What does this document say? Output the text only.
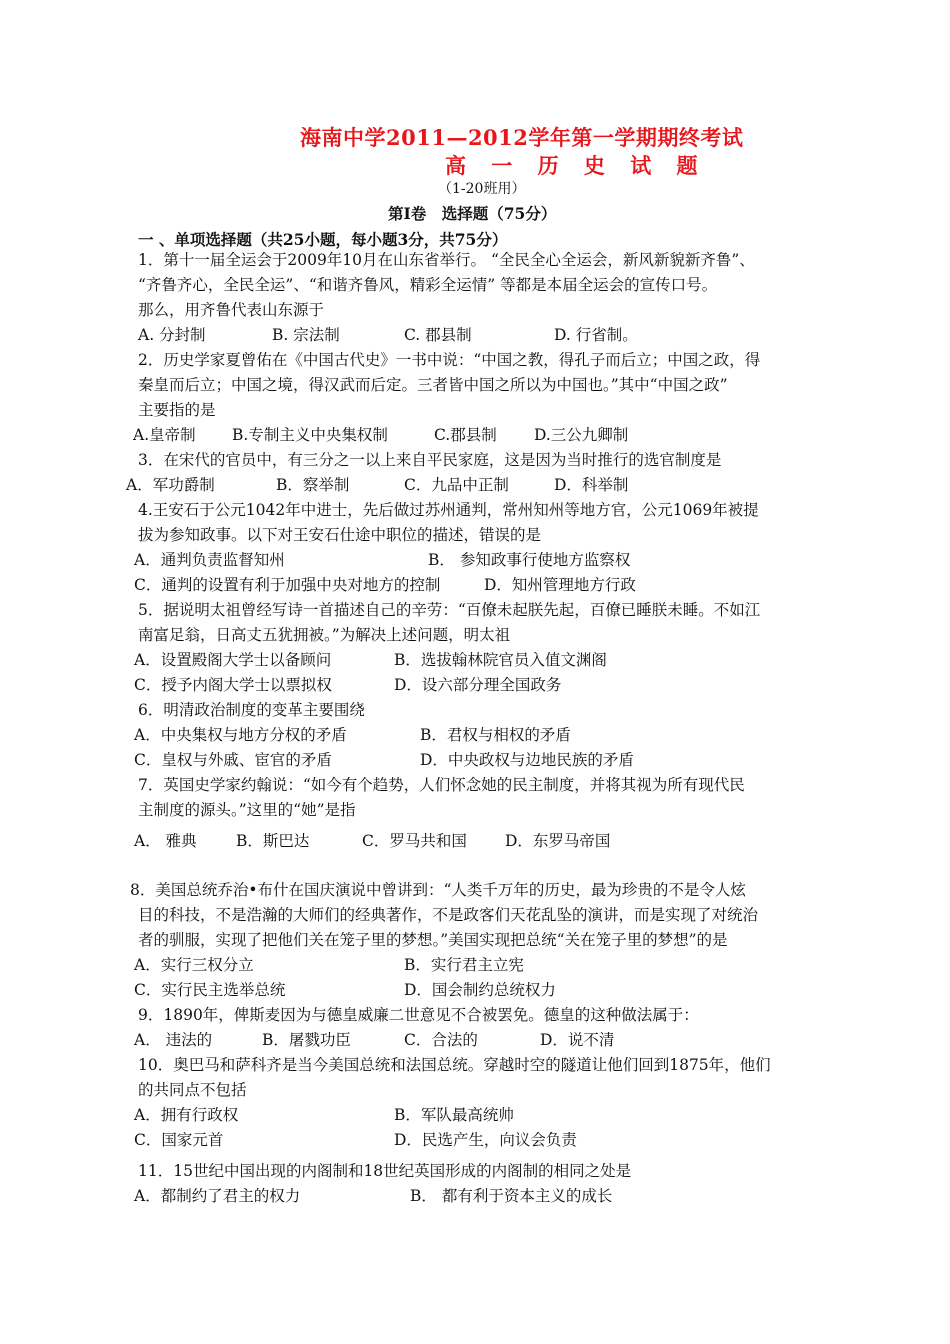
海南中学2011—2012学年第一学期期终考试
高 一 历 史 试 题
（1-20班用）
第Ⅰ卷　选择题（75分）
一 、单项选择题（共25小题，每小题3分，共75分）
1．第十一届全运会于2009年10月在山东省举行。 “全民全心全运会，新风新貌新齐鲁”、
“齐鲁齐心，全民全运”、“和谐齐鲁风，精彩全运情” 等都是本届全运会的宣传口号。
那么，用齐鲁代表山东源于
A. 分封制	B. 宗法制	C. 郡县制	D. 行省制。
2．历史学家夏曾佑在《中国古代史》一书中说：“中国之教，得孔子而后立；中国之政，得
秦皇而后立；中国之境，得汉武而后定。三者皆中国之所以为中国也。”其中“中国之政”
主要指的是
A.皇帝制 B.专制主义中央集权制	C.郡县制 D.三公九卿制
3．在宋代的官员中，有三分之一以上来自平民家庭，这是因为当时推行的选官制度是
A．军功爵制	B．察举制	C．九品中正制	D．科举制
4.王安石于公元1042年中进士，先后做过苏州通判，常州知州等地方官，公元1069年被提
拔为参知政事。以下对王安石仕途中职位的描述，错误的是
A．通判负责监督知州	B． 参知政事行使地方监察权
C．通判的设置有利于加强中央对地方的控制	D．知州管理地方行政
5．据说明太祖曾经写诗一首描述自己的辛劳：“百僚未起朕先起，百僚已睡朕未睡。不如江
南富足翁，日高丈五犹拥被。”为解决上述问题，明太祖
A．设置殿阁大学士以备顾问	B．选拔翰林院官员入值文渊阁
C．授予内阁大学士以票拟权	D．设六部分理全国政务
6．明清政治制度的变革主要围绕
A．中央集权与地方分权的矛盾	B．君权与相权的矛盾
C．皇权与外戚、宦官的矛盾	D．中央政权与边地民族的矛盾
7．英国史学家约翰说：“如今有个趋势，人们怀念她的民主制度，并将其视为所有现代民
主制度的源头。”这里的“她”是指
A． 雅典	B．斯巴达	C．罗马共和国 D．东罗马帝国
8．美国总统乔治•布什在国庆演说中曾讲到：“人类千万年的历史，最为珍贵的不是令人炫
目的科技，不是浩瀚的大师们的经典著作，不是政客们天花乱坠的演讲，而是实现了对统治
者的驯服，实现了把他们关在笼子里的梦想。”美国实现把总统“关在笼子里的梦想”的是
A．实行三权分立	B．实行君主立宪
C．实行民主选举总统	D．国会制约总统权力
9．1890年，俾斯麦因为与德皇威廉二世意见不合被罢免。德皇的这种做法属于：
A． 违法的	B．屠戮功臣	C．合法的	D．说不清
10．奥巴马和萨科齐是当今美国总统和法国总统。穿越时空的隧道让他们回到1875年，他们
的共同点不包括
A．拥有行政权	B．军队最高统帅
C．国家元首	D．民选产生，向议会负责
11．15世纪中国出现的内阁制和18世纪英国形成的内阁制的相同之处是
A．都制约了君主的权力	B． 都有利于资本主义的成长
